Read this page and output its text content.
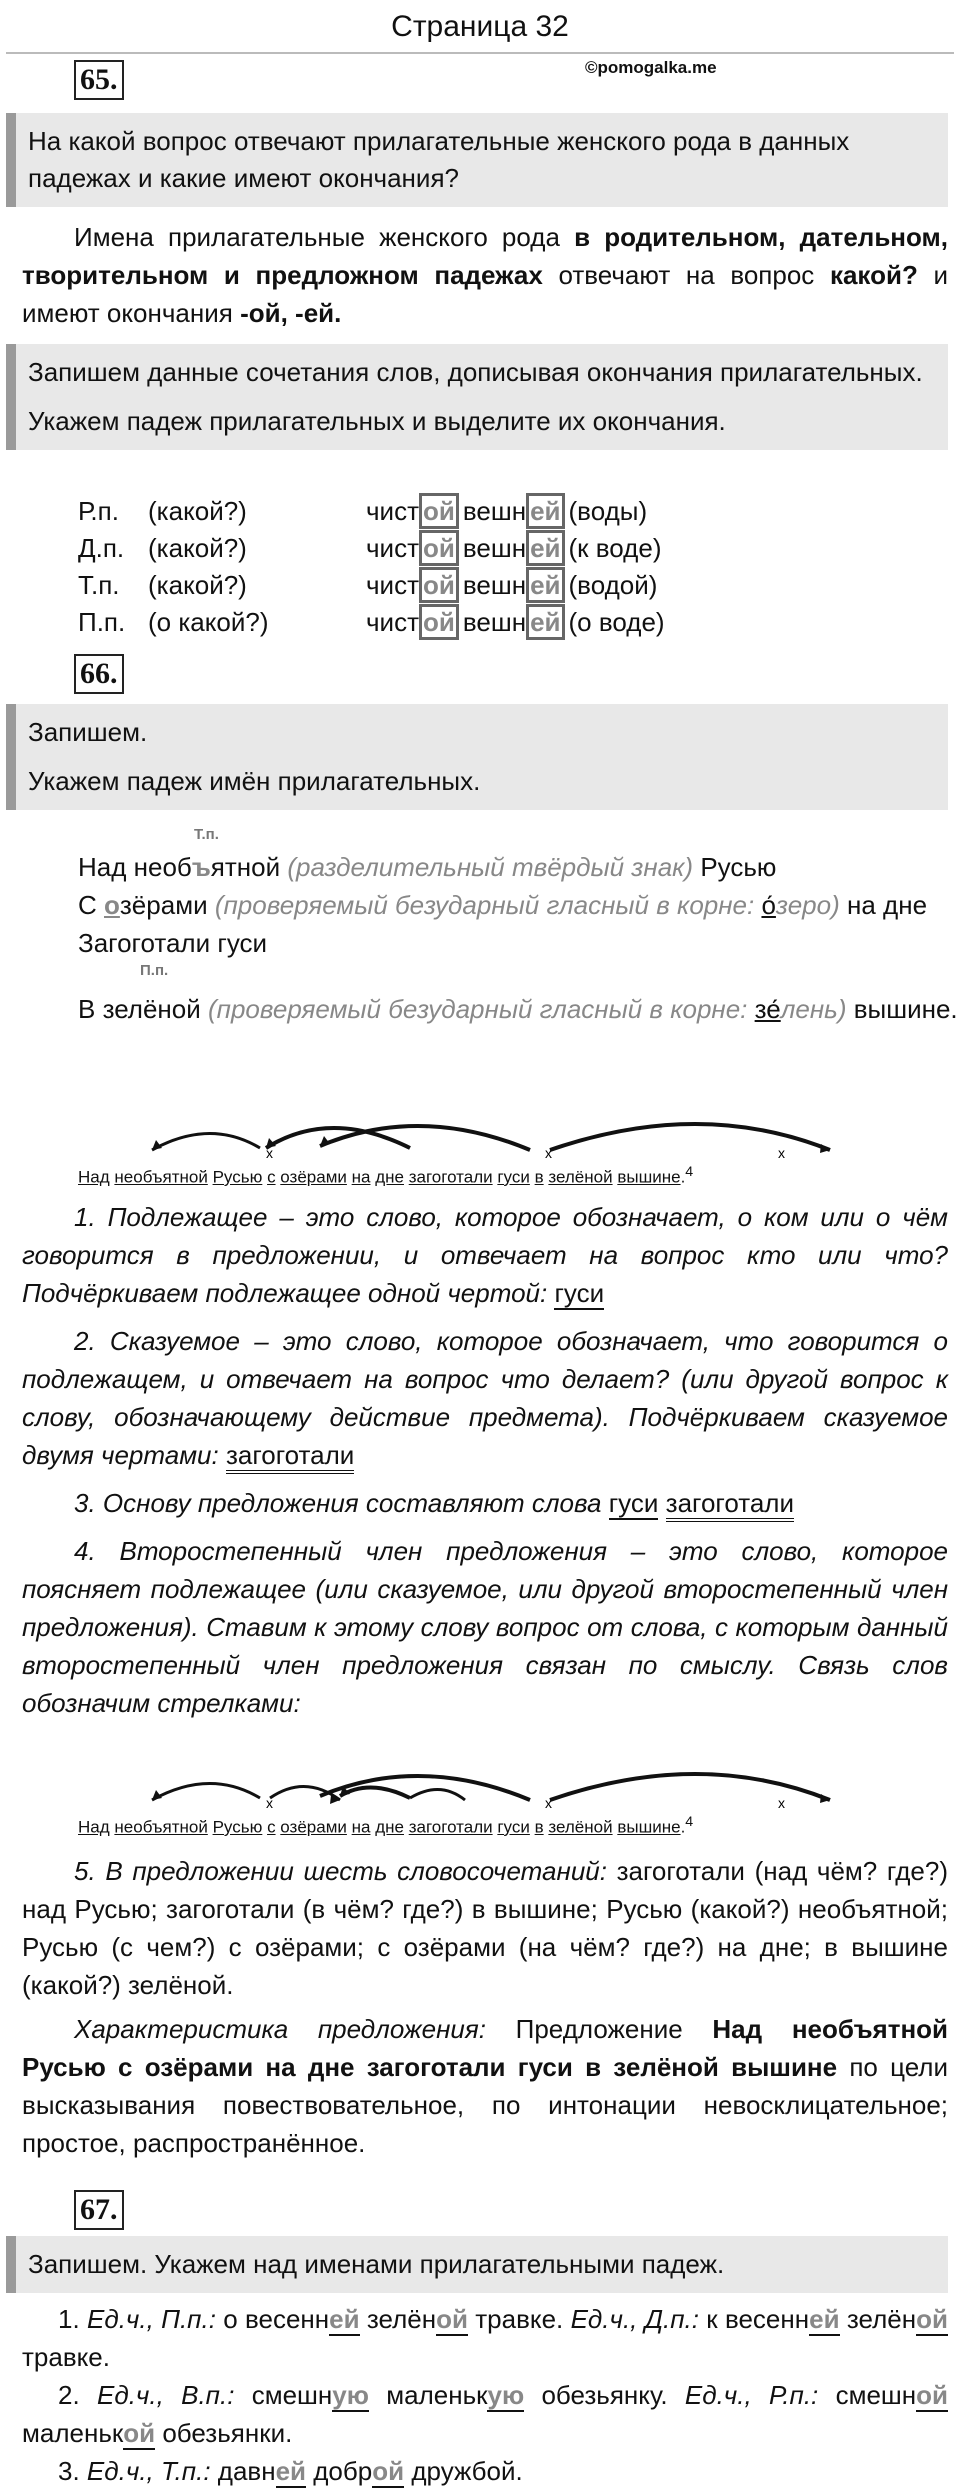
Страница 32
65.	©pomogalka.me

На какой вопрос отвечают прилагательные женского рода в данных падежах и какие имеют окончания?

Имена прилагательные женского рода в родительном, дательном, творительном и предложном падежах отвечают на вопрос какой? и имеют окончания -ой, -ей.

Запишем данные сочетания слов, дописывая окончания прилагательных.

Укажем падеж прилагательных и выделите их окончания.

Р.п.	(какой?)	чист ой вешн ей (воды)
Д.п.	(какой?)	чист ой вешн ей (к воде)
Т.п.	(какой?)	чист ой вешн ей (водой)
П.п.	(о какой?)	чист ой вешн ей (о воде)
66.

Запишем.

Укажем падеж имён прилагательных.

Т.п.
Над необъятной (разделительный твёрдый знак) Русью
С озёрами (проверяемый безударный гласный в корне: о́зеро) на дне
Загоготали гуси
П.п.
В зелёной (проверяемый безударный гласный в корне: зе́лень) вышине.
x	x	x
Над необъятной Русью с озёрами на дне загоготали гуси в зелёной вышине.$^4$

1. Подлежащее – это слово, которое обозначает, о ком или о чём говорится в предложении, и отвечает на вопрос кто или что? Подчёркиваем подлежащее одной чертой: гуси

2. Сказуемое – это слово, которое обозначает, что говорится о подлежащем, и отвечает на вопрос что делает? (или другой вопрос к слову, обозначающему действие предмета). Подчёркиваем сказуемое двумя чертами: загоготали

3. Основу предложения составляют слова гуси загоготали

4. Второстепенный член предложения – это слово, которое поясняет подлежащее (или сказуемое, или другой второстепенный член предложения). Ставим к этому слову вопрос от слова, с которым данный второстепенный член предложения связан по смыслу. Связь слов обозначим стрелками:

x	x	x
Над необъятной Русью с озёрами на дне загоготали гуси в зелёной вышине.$^4$

5. В предложении шесть словосочетаний: загоготали (над чём? где?) над Русью; загоготали (в чём? где?) в вышине; Русью (какой?) необъятной; Русью (с чем?) с озёрами; с озёрами (на чём? где?) на дне; в вышине (какой?) зелёной.

Характеристика предложения: Предложение Над необъятной Русью с озёрами на дне загоготали гуси в зелёной вышине по цели высказывания повествовательное, по интонации невосклицательное; простое, распространённое.

67.

Запишем. Укажем над именами прилагательными падеж.

1. Ед.ч., П.п.: о весенней зелёной травке. Ед.ч., Д.п.: к весенней зелёной травке.

2. Ед.ч., В.п.: смешную маленькую обезьянку. Ед.ч., Р.п.: смешной маленькой обезьянки.

3. Ед.ч., Т.п.: давней доброй дружбой.
